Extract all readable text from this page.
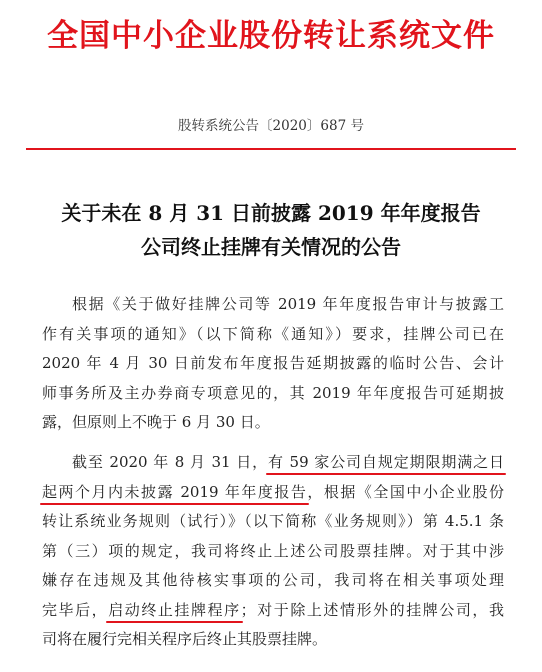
全国中小企业股份转让系统文件
股转系统公告〔2020〕687 号
关于未在 8 月 31 日前披露 2019 年年度报告
公司终止挂牌有关情况的公告
根据《关于做好挂牌公司等 2019 年年度报告审计与披露工
作有关事项的通知》（以下简称《通知》）要求，挂牌公司已在
2020 年 4 月 30 日前发布年度报告延期披露的临时公告、会计
师事务所及主办券商专项意见的，其 2019 年年度报告可延期披
露，但原则上不晚于 6 月 30 日。
截至 2020 年 8 月 31 日，有 59 家公司自规定期限期满之日
起两个月内未披露 2019 年年度报告，根据《全国中小企业股份
转让系统业务规则（试行）》（以下简称《业务规则》）第 4.5.1 条
第（三）项的规定，我司将终止上述公司股票挂牌。对于其中涉
嫌存在违规及其他待核实事项的公司，我司将在相关事项处理
完毕后，启动终止挂牌程序；对于除上述情形外的挂牌公司，我
司将在履行完相关程序后终止其股票挂牌。
